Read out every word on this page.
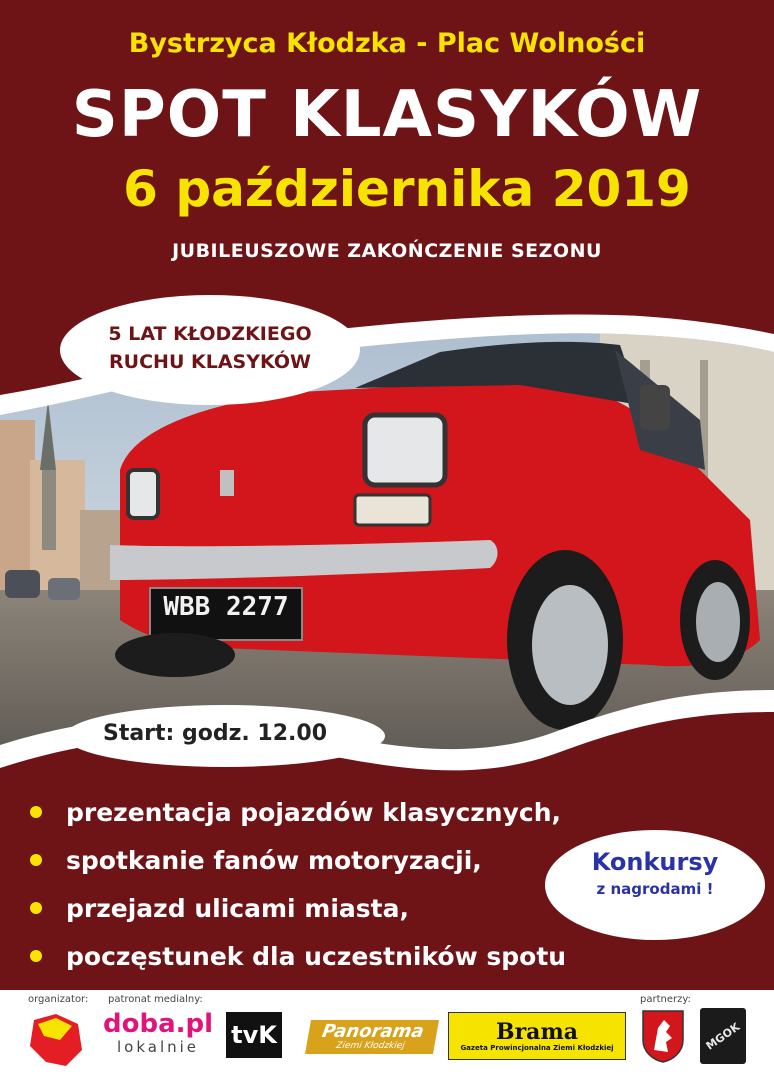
Bystrzyca Kłodzka - Plac Wolności
SPOT KLASYKÓW
6 października 2019
JUBILEUSZOWE ZAKOŃCZENIE SEZONU
WBB 2277
5 LAT KŁODZKIEGO
RUCHU KLASYKÓW
Start: godz. 12.00
prezentacja pojazdów klasycznych,
spotkanie fanów motoryzacji,
przejazd ulicami miasta,
poczęstunek dla uczestników spotu
Konkursy
z nagrodami !
organizator: patronat medialny:	partnerzy:
doba.pl
lokalnie tvK Panorama
Ziemi Kłodzkiej
Brama
Gazeta Prowincjonalna Ziemi Kłodzkiej	MGOK
